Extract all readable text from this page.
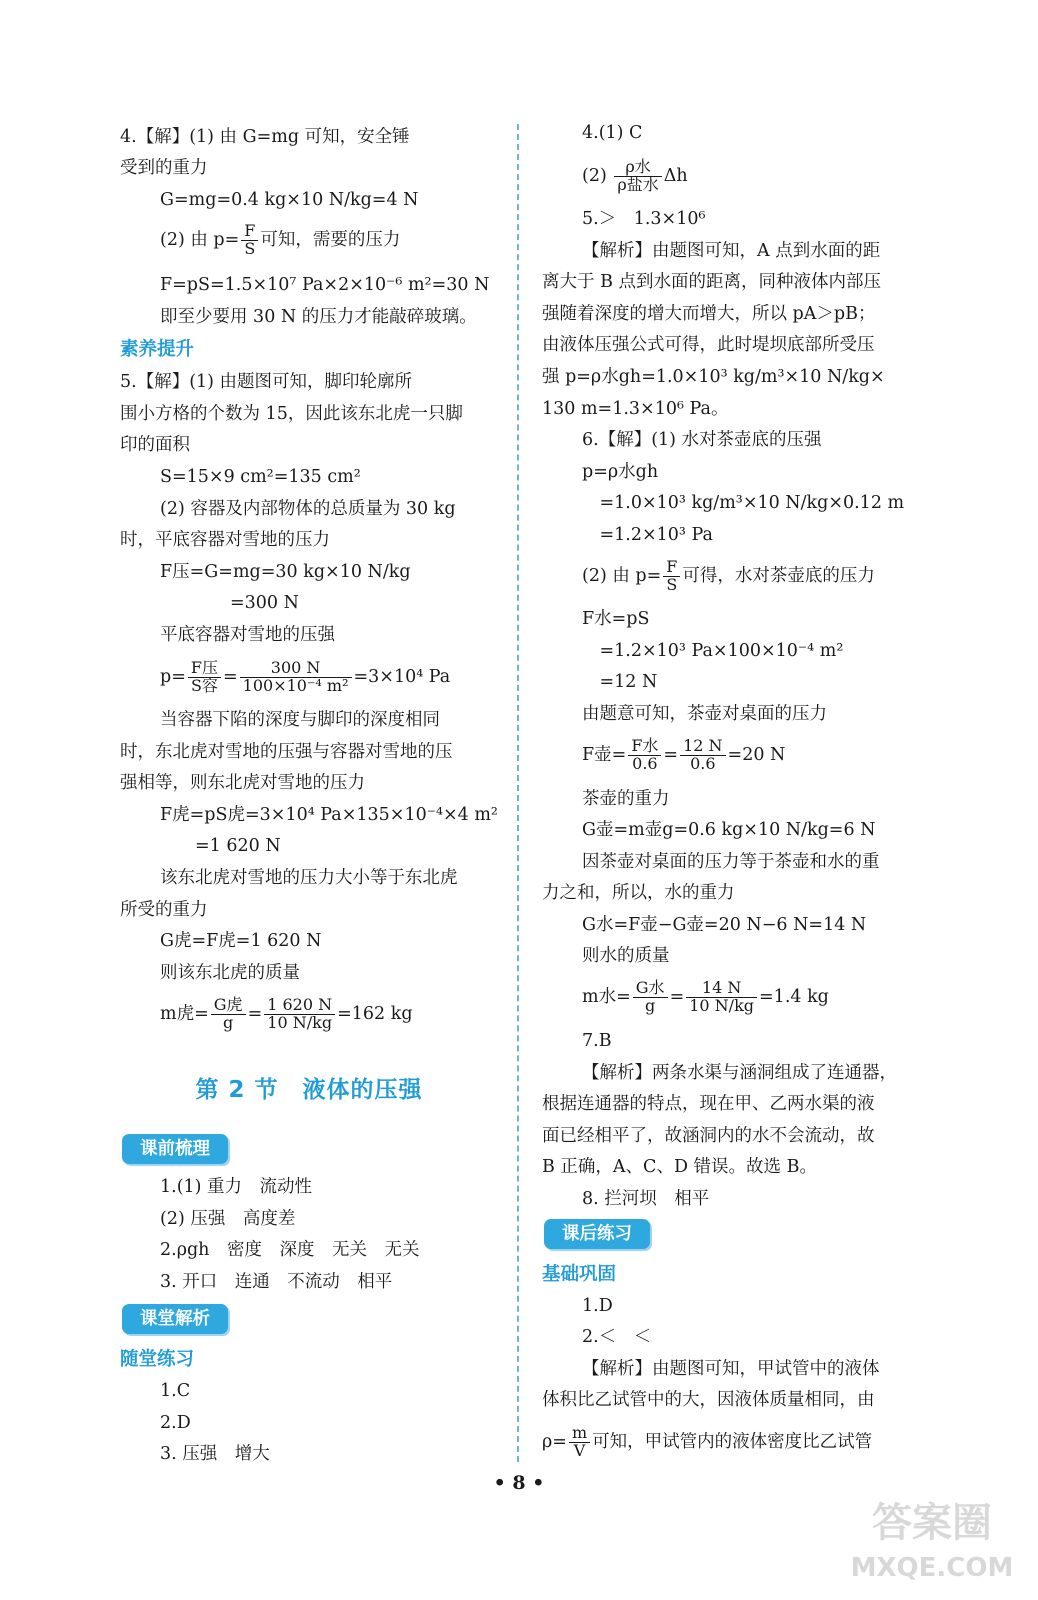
4.【解】(1) 由 G=mg 可知，安全锤
受到的重力
G=mg=0.4 kg×10 N/kg=4 N
(2) 由 $p= \frac{F}{S}$ 可知，需要的压力
F=pS=1.5×10⁷ Pa×2×10⁻⁶ m²=30 N
即至少要用 30 N 的压力才能敲碎玻璃。
素养提升
5.【解】(1) 由题图可知，脚印轮廓所
围小方格的个数为 15，因此该东北虎一只脚
印的面积
S=15×9 cm²=135 cm²
(2) 容器及内部物体的总质量为 30 kg
时，平底容器对雪地的压力
F压=G=mg=30 kg×10 N/kg
　　　　=300 N
平底容器对雪地的压强
$p= \frac{\text{F压}}{\text{S容}} = \frac{300 N}{\text{100×10⁻⁴ m²}} =3\times 10^4$ Pa
当容器下陷的深度与脚印的深度相同
时，东北虎对雪地的压强与容器对雪地的压
强相等，则东北虎对雪地的压力
F虎=pS虎=3×10⁴ Pa×135×10⁻⁴×4 m²
　　=1 620 N
该东北虎对雪地的压力大小等于东北虎
所受的重力
G虎=F虎=1 620 N
则该东北虎的质量
m虎= $\frac{\text{G虎}}{g} = \frac{1 620 N}{10 N/kg} =162$ kg
第 2 节　液体的压强
课前梳理
1.(1) 重力　流动性
(2) 压强　高度差
2.ρgh　密度　深度　无关　无关
3. 开口　连通　不流动　相平
课堂解析
随堂练习
1.C
2.D
3. 压强　增大
4.(1) C
$(2) \frac{\text{ρ水}}{\text{ρ盐水}}$ Δh
5.＞　1.3×10⁶
【解析】由题图可知，A 点到水面的距
离大于 B 点到水面的距离，同种液体内部压
强随着深度的增大而增大，所以 pA＞pB；
由液体压强公式可得，此时堤坝底部所受压
强 p=ρ水gh=1.0×10³ kg/m³×10 N/kg×
130 m=1.3×10⁶ Pa。
6.【解】(1) 水对茶壶底的压强
p=ρ水gh
　=1.0×10³ kg/m³×10 N/kg×0.12 m
　=1.2×10³ Pa
(2) 由 $p= \frac{F}{S}$ 可得，水对茶壶底的压力
F水=pS
　=1.2×10³ Pa×100×10⁻⁴ m²
　=12 N
由题意可知，茶壶对桌面的压力
F壶= $\frac{\text{F水}}{0.6} = \frac{12 N}{0.6} =20$ N
茶壶的重力
G壶=m壶g=0.6 kg×10 N/kg=6 N
因茶壶对桌面的压力等于茶壶和水的重
力之和，所以，水的重力
G水=F壶−G壶=20 N−6 N=14 N
则水的质量
m水= $\frac{\text{G水}}{g} = \frac{14 N}{10 N/kg} =1.4$ kg
7.B
【解析】两条水渠与涵洞组成了连通器，
根据连通器的特点，现在甲、乙两水渠的液
面已经相平了，故涵洞内的水不会流动，故
B 正确，A、C、D 错误。故选 B。
8. 拦河坝　相平
课后练习
基础巩固
1.D
2.＜　＜
【解析】由题图可知，甲试管中的液体
体积比乙试管中的大，因液体质量相同，由
$\rho= \frac{m}{V}$ 可知，甲试管内的液体密度比乙试管
• 8 •
答案圈
MXQE.COM
